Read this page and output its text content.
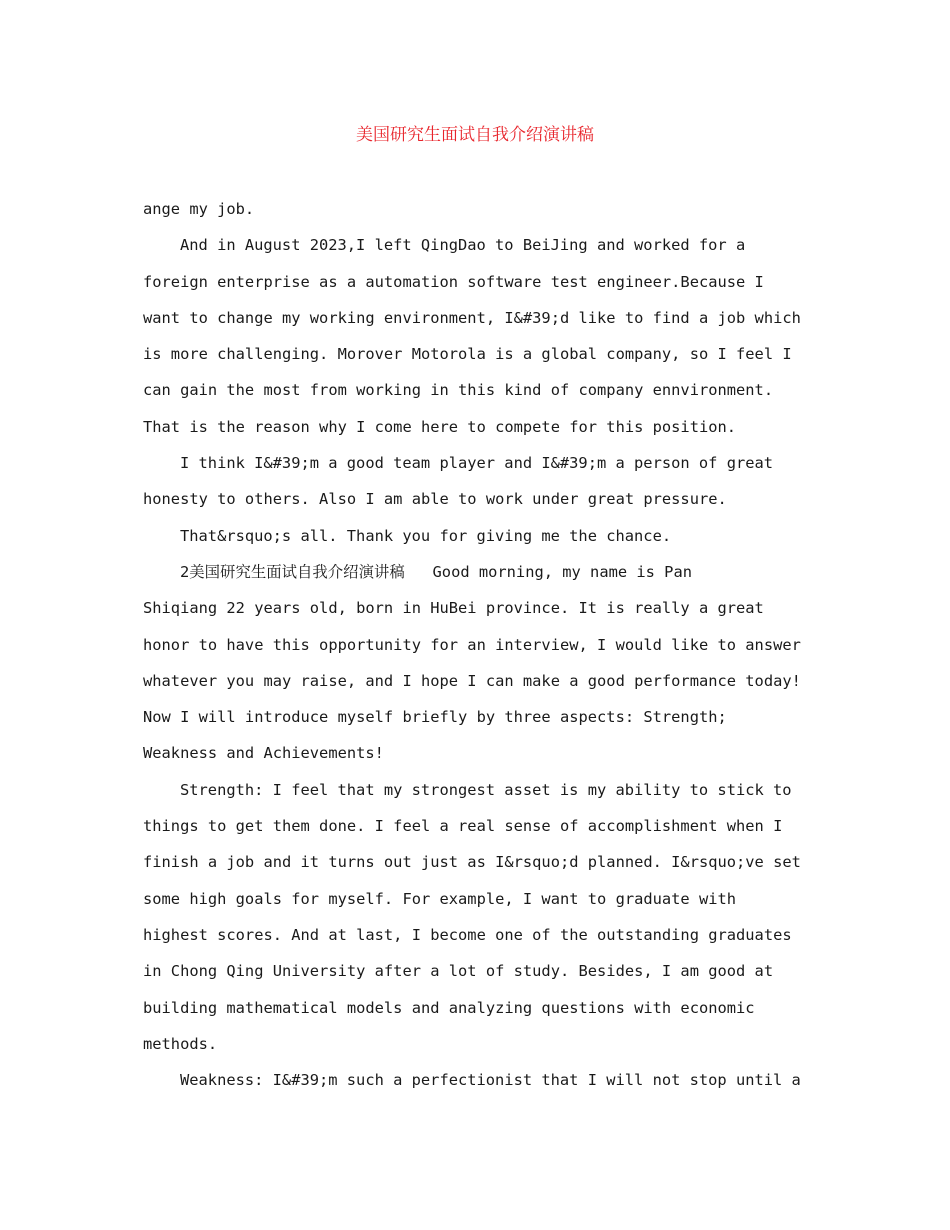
美国研究生面试自我介绍演讲稿
ange my job.
And in August 2023,I left QingDao to BeiJing and worked for a
foreign enterprise as a automation software test engineer.Because I
want to change my working environment, I&#39;d like to find a job which
is more challenging. Morover Motorola is a global company, so I feel I
can gain the most from working in this kind of company ennvironment.
That is the reason why I come here to compete for this position.
I think I&#39;m a good team player and I&#39;m a person of great
honesty to others. Also I am able to work under great pressure.
That&rsquo;s all. Thank you for giving me the chance.
2美国研究生面试自我介绍演讲稿   Good morning, my name is Pan
Shiqiang 22 years old, born in HuBei province. It is really a great
honor to have this opportunity for an interview, I would like to answer
whatever you may raise, and I hope I can make a good performance today!
Now I will introduce myself briefly by three aspects: Strength;
Weakness and Achievements!
Strength: I feel that my strongest asset is my ability to stick to
things to get them done. I feel a real sense of accomplishment when I
finish a job and it turns out just as I&rsquo;d planned. I&rsquo;ve set
some high goals for myself. For example, I want to graduate with
highest scores. And at last, I become one of the outstanding graduates
in Chong Qing University after a lot of study. Besides, I am good at
building mathematical models and analyzing questions with economic
methods.
Weakness: I&#39;m such a perfectionist that I will not stop until a
